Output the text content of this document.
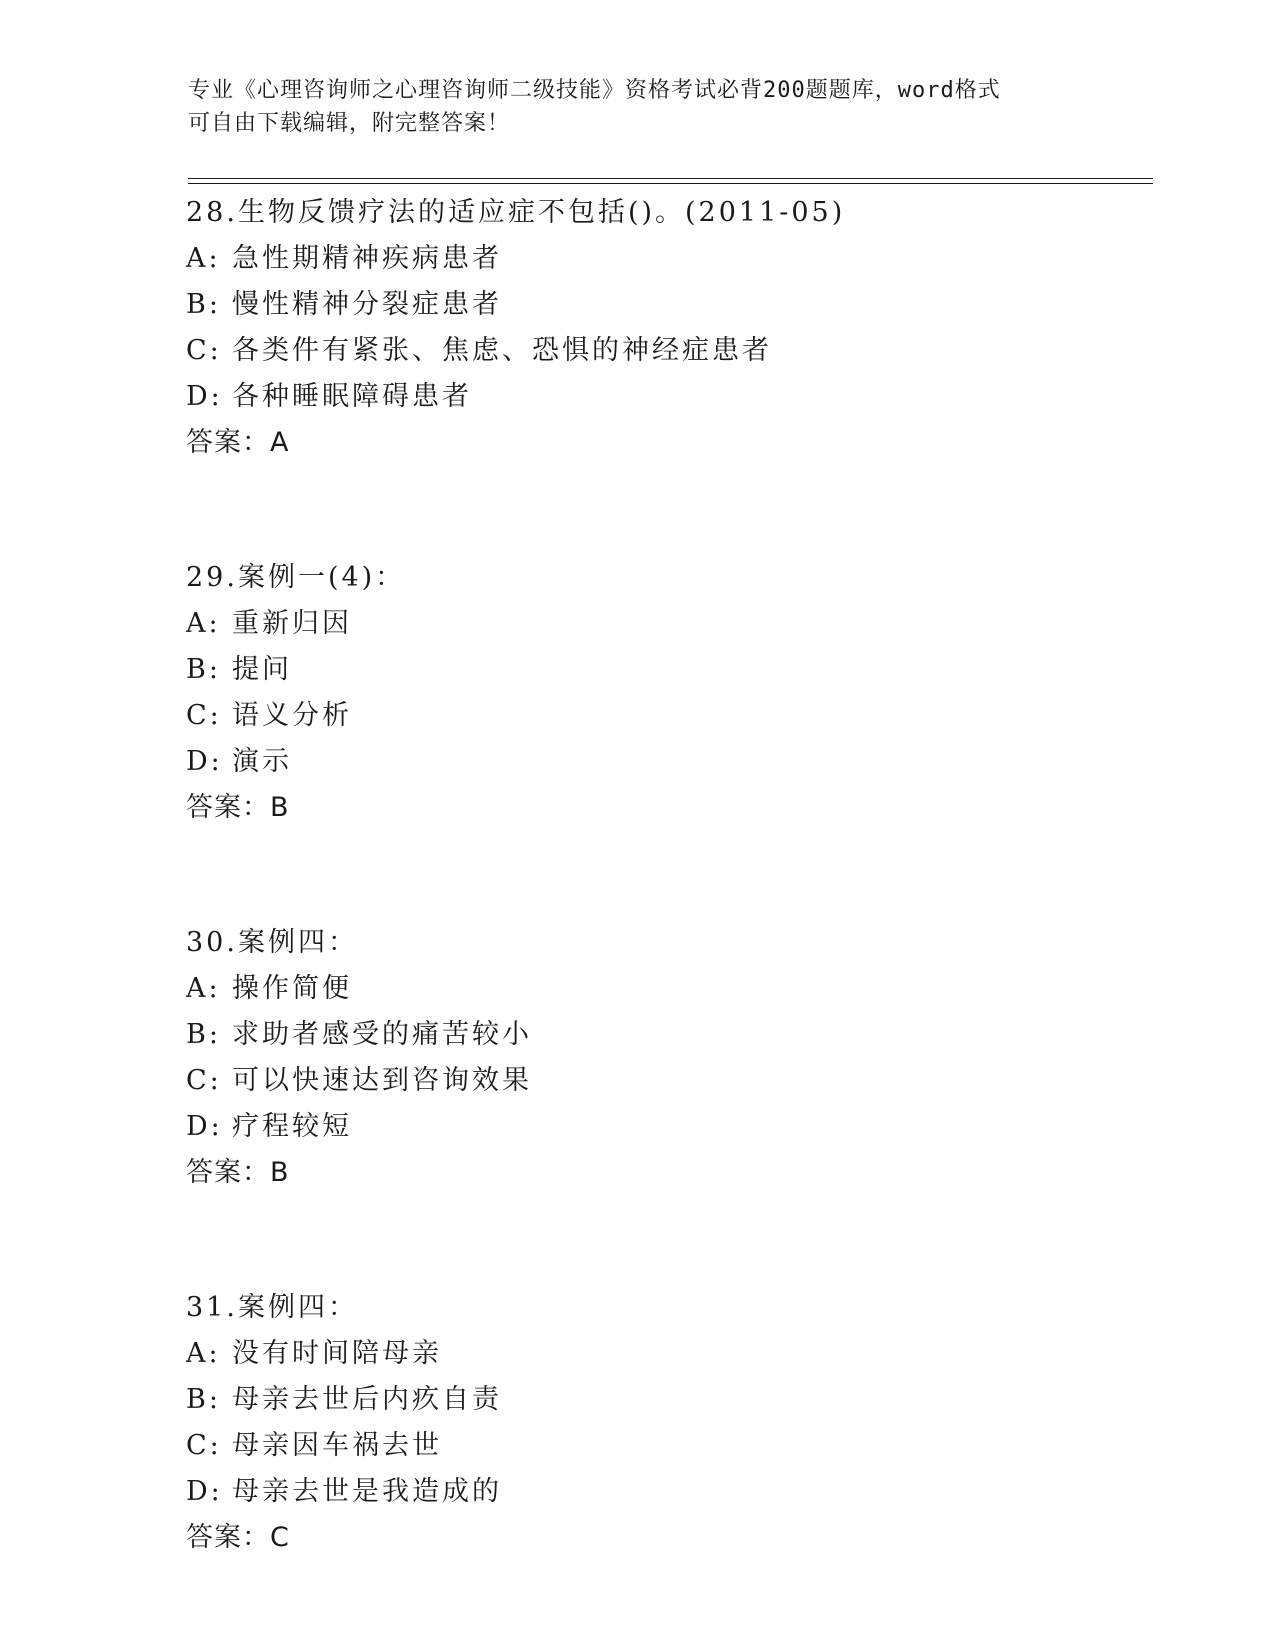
专业《心理咨询师之心理咨询师二级技能》资格考试必背200题题库，word格式
可自由下载编辑，附完整答案！
28.生物反馈疗法的适应症不包括()。(2011-05)
A: 急性期精神疾病患者
B: 慢性精神分裂症患者
C: 各类件有紧张、焦虑、恐惧的神经症患者
D: 各种睡眠障碍患者
答案：A
29.案例一(4)：
A: 重新归因
B: 提问
C: 语义分析
D: 演示
答案：B
30.案例四：
A: 操作简便
B: 求助者感受的痛苦较小
C: 可以快速达到咨询效果
D: 疗程较短
答案：B
31.案例四：
A: 没有时间陪母亲
B: 母亲去世后内疚自责
C: 母亲因车祸去世
D: 母亲去世是我造成的
答案：C
